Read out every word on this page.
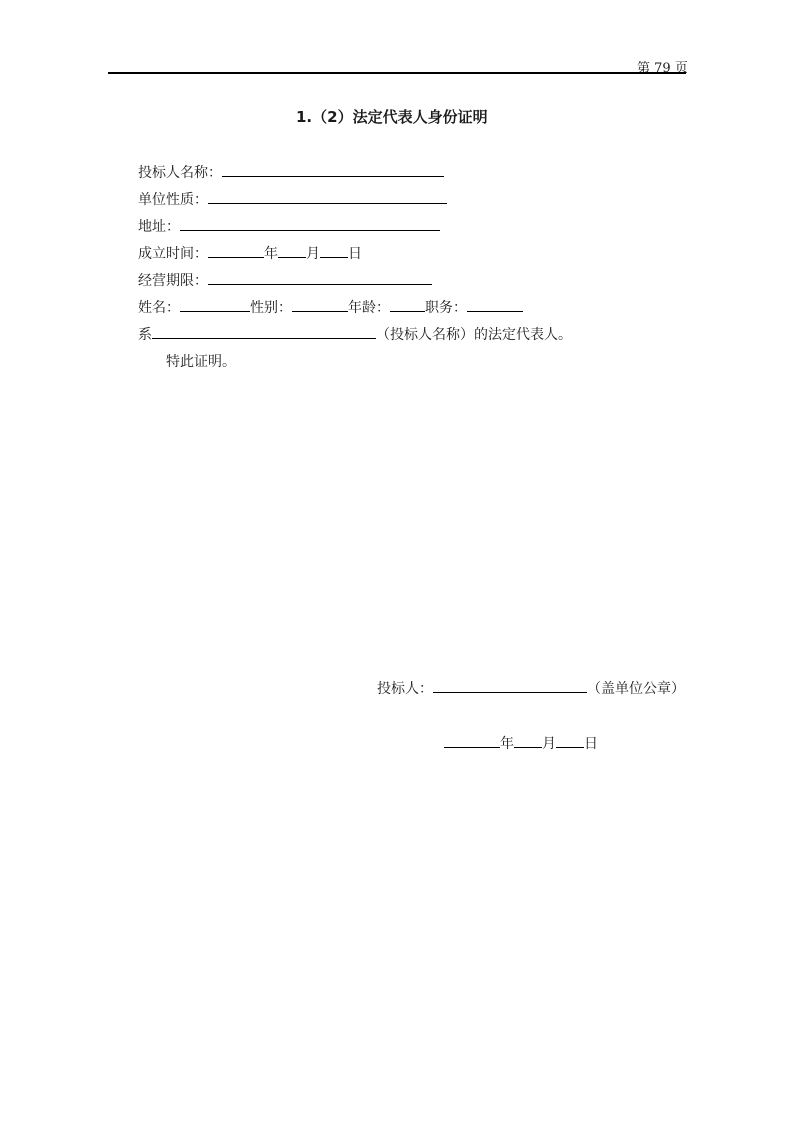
第 79 页
1.（2）法定代表人身份证明
投标人名称：
单位性质：
地址：
成立时间：	年 月 日
经营期限：
姓名：	性别：	年龄：	职务：
系	（投标人名称）的法定代表人。
特此证明。
投标人：	（盖单位公章）
年 月 日
